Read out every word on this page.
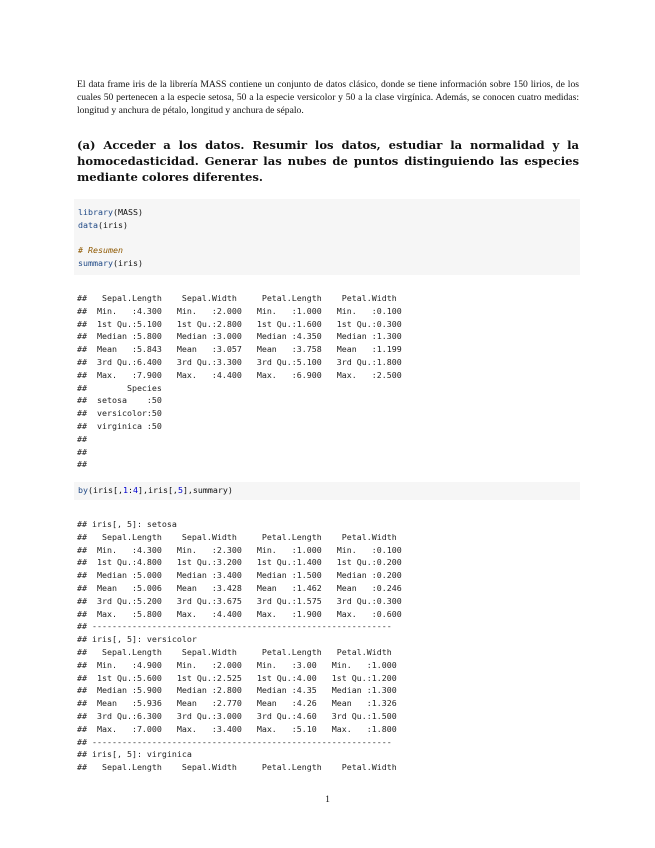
El data frame iris de la librería MASS contiene un conjunto de datos clásico, donde se tiene información sobre 150 lirios, de los cuales 50 pertenecen a la especie setosa, 50 a la especie versicolor y 50 a la clase virgínica. Además, se conocen cuatro medidas: longitud y anchura de pétalo, longitud y anchura de sépalo.
(a) Acceder a los datos. Resumir los datos, estudiar la normalidad y la homocedasticidad. Generar las nubes de puntos distinguiendo las especies mediante colores diferentes.
library(MASS)
data(iris)

# Resumen
summary(iris)
##   Sepal.Length    Sepal.Width     Petal.Length    Petal.Width
##  Min.   :4.300   Min.   :2.000   Min.   :1.000   Min.   :0.100
##  1st Qu.:5.100   1st Qu.:2.800   1st Qu.:1.600   1st Qu.:0.300
##  Median :5.800   Median :3.000   Median :4.350   Median :1.300
##  Mean   :5.843   Mean   :3.057   Mean   :3.758   Mean   :1.199
##  3rd Qu.:6.400   3rd Qu.:3.300   3rd Qu.:5.100   3rd Qu.:1.800
##  Max.   :7.900   Max.   :4.400   Max.   :6.900   Max.   :2.500
##        Species
##  setosa    :50
##  versicolor:50
##  virginica :50
##
##
##
by(iris[,1:4],iris[,5],summary)
## iris[, 5]: setosa
##   Sepal.Length    Sepal.Width     Petal.Length    Petal.Width
##  Min.   :4.300   Min.   :2.300   Min.   :1.000   Min.   :0.100
##  1st Qu.:4.800   1st Qu.:3.200   1st Qu.:1.400   1st Qu.:0.200
##  Median :5.000   Median :3.400   Median :1.500   Median :0.200
##  Mean   :5.006   Mean   :3.428   Mean   :1.462   Mean   :0.246
##  3rd Qu.:5.200   3rd Qu.:3.675   3rd Qu.:1.575   3rd Qu.:0.300
##  Max.   :5.800   Max.   :4.400   Max.   :1.900   Max.   :0.600
## ------------------------------------------------------------
## iris[, 5]: versicolor
##   Sepal.Length    Sepal.Width     Petal.Length   Petal.Width
##  Min.   :4.900   Min.   :2.000   Min.   :3.00   Min.   :1.000
##  1st Qu.:5.600   1st Qu.:2.525   1st Qu.:4.00   1st Qu.:1.200
##  Median :5.900   Median :2.800   Median :4.35   Median :1.300
##  Mean   :5.936   Mean   :2.770   Mean   :4.26   Mean   :1.326
##  3rd Qu.:6.300   3rd Qu.:3.000   3rd Qu.:4.60   3rd Qu.:1.500
##  Max.   :7.000   Max.   :3.400   Max.   :5.10   Max.   :1.800
## ------------------------------------------------------------
## iris[, 5]: virginica
##   Sepal.Length    Sepal.Width     Petal.Length    Petal.Width
1
